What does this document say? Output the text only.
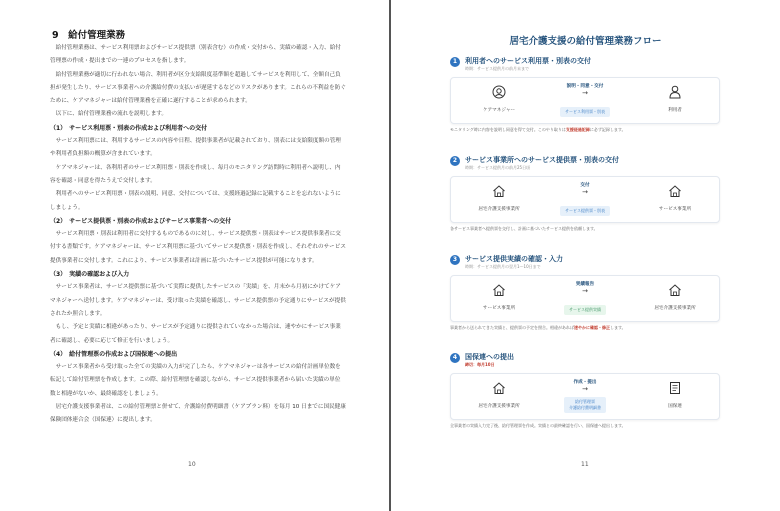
9　給付管理業務

給付管理業務は、サービス利用票およびサービス提供票（別表含む）の作成・交付から、実績の確認・入力、給付管理票の作成・提出までの一連のプロセスを指します。

給付管理業務が適切に行われない場合、利用者が区分支給限度基準額を超過してサービスを利用して、全額自己負担が発生したり、サービス事業者への介護給付費の支払いが遅延するなどのリスクがあります。これらの不利益を防ぐために、ケアマネジャーは給付管理業務を正確に遂行することが求められます。

以下に、給付管理業務の流れを説明します。

（1）　サービス利用票・別表の作成および利用者への交付

サービス利用票には、利用するサービスの内容や日程、提供事業者が記載されており、別表には支給限度額の管理や利用者負担額の概算が含まれています。

ケアマネジャーは、各利用者のサービス利用票・別表を作成し、毎月のモニタリング訪問時に利用者へ説明し、内容を確認・同意を得たうえで交付します。

利用者へのサービス利用票・別表の説明、同意、交付については、支援経過記録に記載することを忘れないようにしましょう。

（2）　サービス提供票・別表の作成およびサービス事業者への交付

サービス利用票・別表は利用者に交付するものであるのに対し、サービス提供票・別表はサービス提供事業者に交付する書類です。ケアマネジャーは、サービス利用票に基づいてサービス提供票・別表を作成し、それぞれのサービス提供事業者に交付します。これにより、サービス事業者は計画に基づいたサービス提供が可能になります。

（3）　実績の確認および入力

サービス事業者は、サービス提供票に基づいて実際に提供したサービスの「実績」を、月末から月初にかけてケアマネジャーへ送付します。ケアマネジャーは、受け取った実績を確認し、サービス提供票の予定通りにサービスが提供されたか照合します。

もし、予定と実績に相違があったり、サービスが予定通りに提供されていなかった場合は、速やかにサービス事業者に確認し、必要に応じて修正を行いましょう。

（4）　給付管理票の作成および国保連への提出

サービス事業者から受け取った全ての実績の入力が完了したら、ケアマネジャーは各サービスの給付計画単位数を転記して給付管理票を作成します。この際、給付管理票を確認しながら、サービス提供事業者から届いた実績の単位数と相違がないか、最終確認をしましょう。

居宅介護支援事業者は、この給付管理票と併せて、介護給付費明細書（ケアプラン料）を毎月 10 日までに国民健康保険団体連合会（国保連）に提出します。

10
居宅介護支援の給付管理業務フロー
1	利用者へのサービス利用票・別表の交付
時期：サービス提供月の前月末まで
ケアマネジャー
説明・同意・交付
→
サービス利用票・別表	利用者
モニタリング時に内容を説明し同意を得て交付。このやり取りは支援経過記録に必ず記録します。
2	サービス事業所へのサービス提供票・別表の交付
時期：サービス提供月の前月25日頃
居宅介護支援事業所
交付
→
サービス提供票・別表	サービス事業所
各サービス事業者へ提供票を交付し、計画に基づいたサービス提供を依頼します。
3	サービス提供実績の確認・入力
時期：サービス提供月の翌月1〜10日まで
サービス事業所
実績報告
→
サービス提供実績	居宅介護支援事業所
事業者から送られてきた実績と、提供票の予定を照合。相違があれば速やかに確認・修正します。
4	国保連への提出
締切：毎月10日
居宅介護支援事業所
作成・提出
→
給付管理票
介護給付費明細書	国保連
全事業者の実績入力完了後、給付管理票を作成。実績との最終確認を行い、国保連へ提出します。
11
